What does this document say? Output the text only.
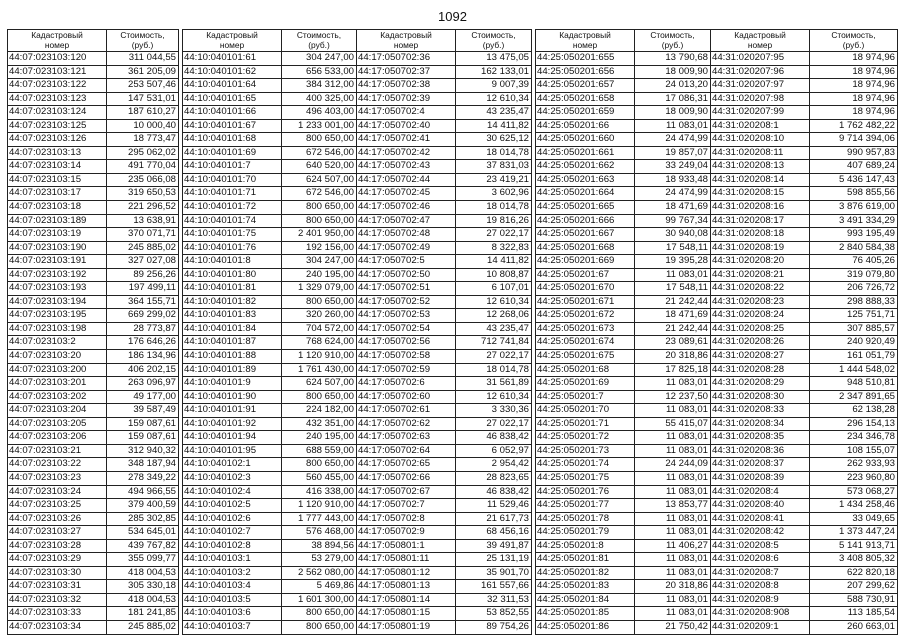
1092
Кадастровый
номер	Стоимость,
(руб.)
44:07:023103:120	311 044,55
44:07:023103:121	361 205,09
44:07:023103:122	253 507,46
44:07:023103:123	147 531,01
44:07:023103:124	187 610,27
44:07:023103:125	10 000,40
44:07:023103:126	18 773,47
44:07:023103:13	295 062,02
44:07:023103:14	491 770,04
44:07:023103:15	235 066,08
44:07:023103:17	319 650,53
44:07:023103:18	221 296,52
44:07:023103:189	13 638,91
44:07:023103:19	370 071,71
44:07:023103:190	245 885,02
44:07:023103:191	327 027,08
44:07:023103:192	89 256,26
44:07:023103:193	197 499,11
44:07:023103:194	364 155,71
44:07:023103:195	669 299,02
44:07:023103:198	28 773,87
44:07:023103:2	176 646,26
44:07:023103:20	186 134,96
44:07:023103:200	406 202,15
44:07:023103:201	263 096,97
44:07:023103:202	49 177,00
44:07:023103:204	39 587,49
44:07:023103:205	159 087,61
44:07:023103:206	159 087,61
44:07:023103:21	312 940,32
44:07:023103:22	348 187,94
44:07:023103:23	278 349,22
44:07:023103:24	494 966,55
44:07:023103:25	379 400,59
44:07:023103:26	285 302,85
44:07:023103:27	534 645,01
44:07:023103:28	439 767,82
44:07:023103:29	355 099,77
44:07:023103:30	418 004,53
44:07:023103:31	305 330,18
44:07:023103:32	418 004,53
44:07:023103:33	181 241,85
44:07:023103:34	245 885,02
Кадастровый
номер	Стоимость,
(руб.)
44:10:040101:61	304 247,00
44:10:040101:62	656 533,00
44:10:040101:64	384 312,00
44:10:040101:65	400 325,00
44:10:040101:66	496 403,00
44:10:040101:67	1 233 001,00
44:10:040101:68	800 650,00
44:10:040101:69	672 546,00
44:10:040101:7	640 520,00
44:10:040101:70	624 507,00
44:10:040101:71	672 546,00
44:10:040101:72	800 650,00
44:10:040101:74	800 650,00
44:10:040101:75	2 401 950,00
44:10:040101:76	192 156,00
44:10:040101:8	304 247,00
44:10:040101:80	240 195,00
44:10:040101:81	1 329 079,00
44:10:040101:82	800 650,00
44:10:040101:83	320 260,00
44:10:040101:84	704 572,00
44:10:040101:87	768 624,00
44:10:040101:88	1 120 910,00
44:10:040101:89	1 761 430,00
44:10:040101:9	624 507,00
44:10:040101:90	800 650,00
44:10:040101:91	224 182,00
44:10:040101:92	432 351,00
44:10:040101:94	240 195,00
44:10:040101:95	688 559,00
44:10:040102:1	800 650,00
44:10:040102:3	560 455,00
44:10:040102:4	416 338,00
44:10:040102:5	1 120 910,00
44:10:040102:6	1 777 443,00
44:10:040102:7	576 468,00
44:10:040102:8	38 894,56
44:10:040103:1	53 279,00
44:10:040103:2	2 562 080,00
44:10:040103:4	5 469,86
44:10:040103:5	1 601 300,00
44:10:040103:6	800 650,00
44:10:040103:7	800 650,00
Кадастровый
номер	Стоимость,
(руб.)
44:17:050702:36	13 475,05
44:17:050702:37	162 133,01
44:17:050702:38	9 007,39
44:17:050702:39	12 610,34
44:17:050702:4	43 235,47
44:17:050702:40	14 411,82
44:17:050702:41	30 625,12
44:17:050702:42	18 014,78
44:17:050702:43	37 831,03
44:17:050702:44	23 419,21
44:17:050702:45	3 602,96
44:17:050702:46	18 014,78
44:17:050702:47	19 816,26
44:17:050702:48	27 022,17
44:17:050702:49	8 322,83
44:17:050702:5	14 411,82
44:17:050702:50	10 808,87
44:17:050702:51	6 107,01
44:17:050702:52	12 610,34
44:17:050702:53	12 268,06
44:17:050702:54	43 235,47
44:17:050702:56	712 741,84
44:17:050702:58	27 022,17
44:17:050702:59	18 014,78
44:17:050702:6	31 561,89
44:17:050702:60	12 610,34
44:17:050702:61	3 330,36
44:17:050702:62	27 022,17
44:17:050702:63	46 838,42
44:17:050702:64	6 052,97
44:17:050702:65	2 954,42
44:17:050702:66	28 823,65
44:17:050702:67	46 838,42
44:17:050702:7	11 529,46
44:17:050702:8	21 617,73
44:17:050702:9	68 456,16
44:17:050801:1	39 491,87
44:17:050801:11	25 131,19
44:17:050801:12	35 901,70
44:17:050801:13	161 557,66
44:17:050801:14	32 311,53
44:17:050801:15	53 852,55
44:17:050801:19	89 754,26
Кадастровый
номер	Стоимость,
(руб.)
44:25:050201:655	13 790,68
44:25:050201:656	18 009,90
44:25:050201:657	24 013,20
44:25:050201:658	17 086,31
44:25:050201:659	18 009,90
44:25:050201:66	11 083,01
44:25:050201:660	24 474,99
44:25:050201:661	19 857,07
44:25:050201:662	33 249,04
44:25:050201:663	18 933,48
44:25:050201:664	24 474,99
44:25:050201:665	18 471,69
44:25:050201:666	99 767,34
44:25:050201:667	30 940,08
44:25:050201:668	17 548,11
44:25:050201:669	19 395,28
44:25:050201:67	11 083,01
44:25:050201:670	17 548,11
44:25:050201:671	21 242,44
44:25:050201:672	18 471,69
44:25:050201:673	21 242,44
44:25:050201:674	23 089,61
44:25:050201:675	20 318,86
44:25:050201:68	17 825,18
44:25:050201:69	11 083,01
44:25:050201:7	12 237,50
44:25:050201:70	11 083,01
44:25:050201:71	55 415,07
44:25:050201:72	11 083,01
44:25:050201:73	11 083,01
44:25:050201:74	24 244,09
44:25:050201:75	11 083,01
44:25:050201:76	11 083,01
44:25:050201:77	13 853,77
44:25:050201:78	11 083,01
44:25:050201:79	11 083,01
44:25:050201:8	11 406,27
44:25:050201:81	11 083,01
44:25:050201:82	11 083,01
44:25:050201:83	20 318,86
44:25:050201:84	11 083,01
44:25:050201:85	11 083,01
44:25:050201:86	21 750,42
Кадастровый
номер	Стоимость,
(руб.)
44:31:020207:95	18 974,96
44:31:020207:96	18 974,96
44:31:020207:97	18 974,96
44:31:020207:98	18 974,96
44:31:020207:99	18 974,96
44:31:020208:1	1 762 482,22
44:31:020208:10	9 714 394,06
44:31:020208:11	990 957,83
44:31:020208:13	407 689,24
44:31:020208:14	5 436 147,43
44:31:020208:15	598 855,56
44:31:020208:16	3 876 619,00
44:31:020208:17	3 491 334,29
44:31:020208:18	993 195,49
44:31:020208:19	2 840 584,38
44:31:020208:20	76 405,26
44:31:020208:21	319 079,80
44:31:020208:22	206 726,72
44:31:020208:23	298 888,33
44:31:020208:24	125 751,71
44:31:020208:25	307 885,57
44:31:020208:26	240 920,49
44:31:020208:27	161 051,79
44:31:020208:28	1 444 548,02
44:31:020208:29	948 510,81
44:31:020208:30	2 347 891,65
44:31:020208:33	62 138,28
44:31:020208:34	296 154,13
44:31:020208:35	234 346,78
44:31:020208:36	108 155,07
44:31:020208:37	262 933,93
44:31:020208:39	223 960,80
44:31:020208:4	573 068,27
44:31:020208:40	1 434 258,46
44:31:020208:41	33 049,65
44:31:020208:42	1 373 447,24
44:31:020208:5	5 141 913,71
44:31:020208:6	3 408 805,32
44:31:020208:7	622 820,18
44:31:020208:8	207 299,62
44:31:020208:9	588 730,91
44:31:020208:908	113 185,54
44:31:020209:1	260 663,01
